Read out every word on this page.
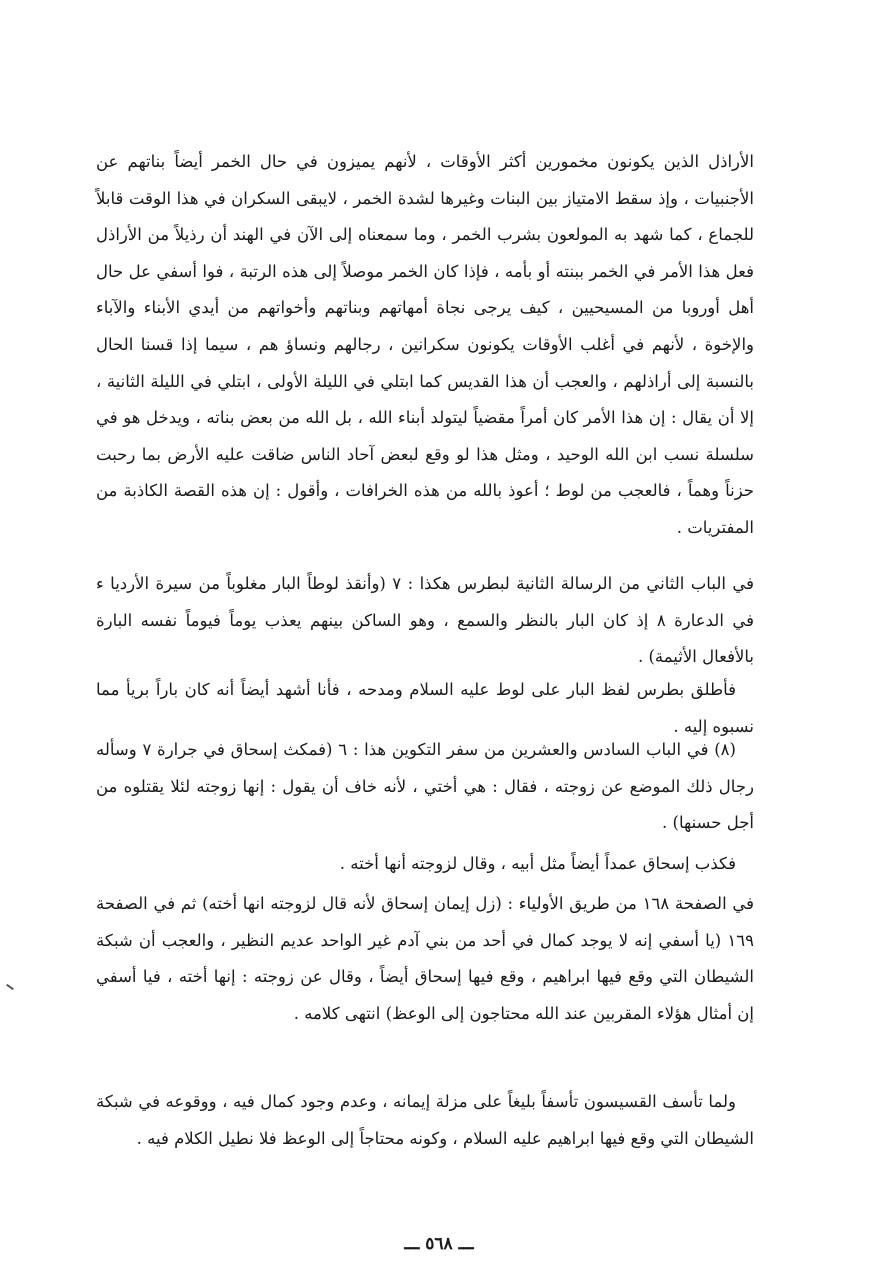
الأراذل الذين يكونون مخمورين أكثر الأوقات ، لأنهم يميزون في حال الخمر أيضاً بناتهم عن الأجنبيات ، وإذ سقط الامتياز بين البنات وغيرها لشدة الخمر ، لايبقى السكران في هذا الوقت قابلاً للجماع ، كما شهد به المولعون بشرب الخمر ، وما سمعناه إلى الآن في الهند أن رذيلاً من الأراذل فعل هذا الأمر في الخمر ببنته أو بأمه ، فإذا كان الخمر موصلاً إلى هذه الرتبة ، فوا أسفي عل حال أهل أوروبا من المسيحيين ، كيف يرجى نجاة أمهاتهم وبناتهم وأخواتهم من أيدي الأبناء والآباء والإخوة ، لأنهم في أغلب الأوقات يكونون سكرانين ، رجالهم ونساؤ هم ، سيما إذا قسنا الحال بالنسبة إلى أراذلهم ، والعجب أن هذا القديس كما ابتلي في الليلة الأولى ، ابتلي في الليلة الثانية ، إلا أن يقال : إن هذا الأمر كان أمراً مقضياً ليتولد أبناء الله ، بل الله من بعض بناته ، ويدخل هو في سلسلة نسب ابن الله الوحيد ، ومثل هذا لو وقع لبعض آحاد الناس ضاقت عليه الأرض بما رحبت حزناً وهماً ، فالعجب من لوط ؛ أعوذ بالله من هذه الخرافات ، وأقول : إن هذه القصة الكاذبة من المفتريات .

في الباب الثاني من الرسالة الثانية لبطرس هكذا : ٧ (وأنقذ لوطاً البار مغلوباً من سيرة الأرديا ء في الدعارة ٨ إذ كان البار بالنظر والسمع ، وهو الساكن بينهم يعذب يوماً فيوماً نفسه البارة بالأفعال الأثيمة) .

فأطلق بطرس لفظ البار على لوط عليه السلام ومدحه ، فأنا أشهد أيضاً أنه كان باراً بريأ مما نسبوه إليه .

(٨) في الباب السادس والعشرين من سفر التكوين هذا : ٦ (فمكث إسحاق في جرارة ٧ وسأله رجال ذلك الموضع عن زوجته ، فقال : هي أختي ، لأنه خاف أن يقول : إنها زوجته لئلا يقتلوه من أجل حسنها) .

فكذب إسحاق عمداً أيضاً مثل أبيه ، وقال لزوجته أنها أخته .

في الصفحة ١٦٨ من طريق الأولياء : (زل إيمان إسحاق لأنه قال لزوجته انها أخته) ثم في الصفحة ١٦٩ (يا أسفي إنه لا يوجد كمال في أحد من بني آدم غير الواحد عديم النظير ، والعجب أن شبكة الشيطان التي وقع فيها ابراهيم ، وقع فيها إسحاق أيضاً ، وقال عن زوجته : إنها أخته ، فيا أسفي إن أمثال هؤلاء المقربين عند الله محتاجون إلى الوعظ) انتهى كلامه .

ولما تأسف القسيسون تأسفاً بليغاً على مزلة إيمانه ، وعدم وجود كمال فيه ، ووقوعه في شبكة الشيطان التي وقع فيها ابراهيم عليه السلام ، وكونه محتاجاً إلى الوعظ فلا نطيل الكلام فيه .

ـــ ٥٦٨ ـــ
